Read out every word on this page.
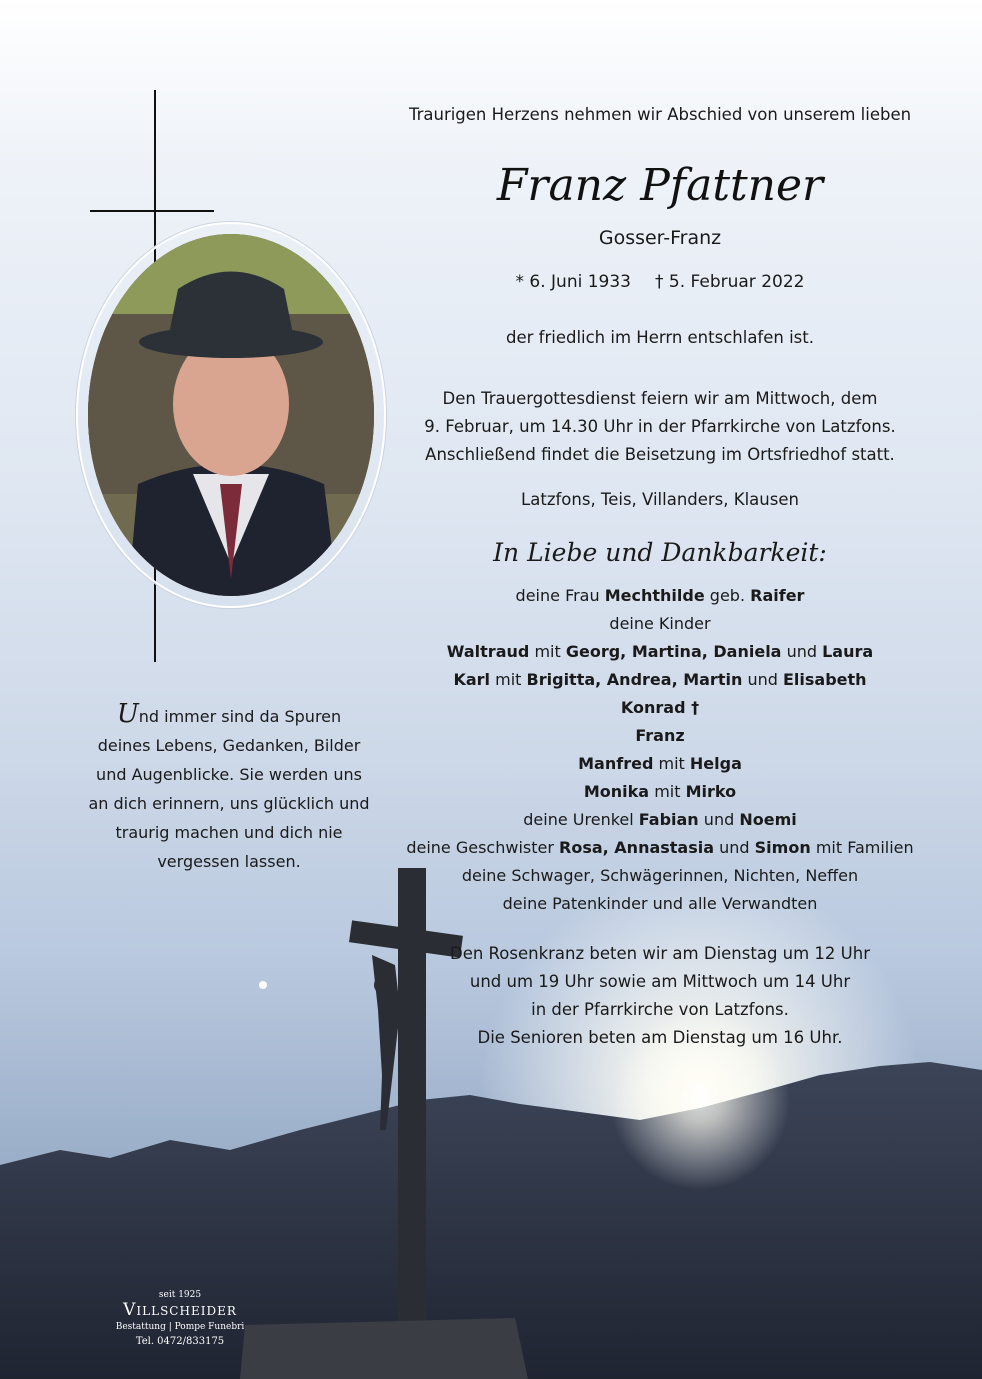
Traurigen Herzens nehmen wir Abschied von unserem lieben
Franz Pfattner
Gosser-Franz
* 6. Juni 1933 † 5. Februar 2022
der friedlich im Herrn entschlafen ist.
Den Trauergottesdienst feiern wir am Mittwoch, dem
9. Februar, um 14.30 Uhr in der Pfarrkirche von Latzfons.
Anschließend findet die Beisetzung im Ortsfriedhof statt.
Latzfons, Teis, Villanders, Klausen
In Liebe und Dankbarkeit:
deine Frau Mechthilde geb. Raifer
deine Kinder
Waltraud mit Georg, Martina, Daniela und Laura
Karl mit Brigitta, Andrea, Martin und Elisabeth
Konrad †
Franz
Manfred mit Helga
Monika mit Mirko
deine Urenkel Fabian und Noemi
deine Geschwister Rosa, Annastasia und Simon mit Familien
deine Schwager, Schwägerinnen, Nichten, Neffen
deine Patenkinder und alle Verwandten
Den Rosenkranz beten wir am Dienstag um 12 Uhr
und um 19 Uhr sowie am Mittwoch um 14 Uhr
in der Pfarrkirche von Latzfons.
Die Senioren beten am Dienstag um 16 Uhr.
Und immer sind da Spuren
deines Lebens, Gedanken, Bilder
und Augenblicke. Sie werden uns
an dich erinnern, uns glücklich und
traurig machen und dich nie
vergessen lassen.
seit 1925
Villscheider
Bestattung | Pompe Funebri
Tel. 0472/833175
